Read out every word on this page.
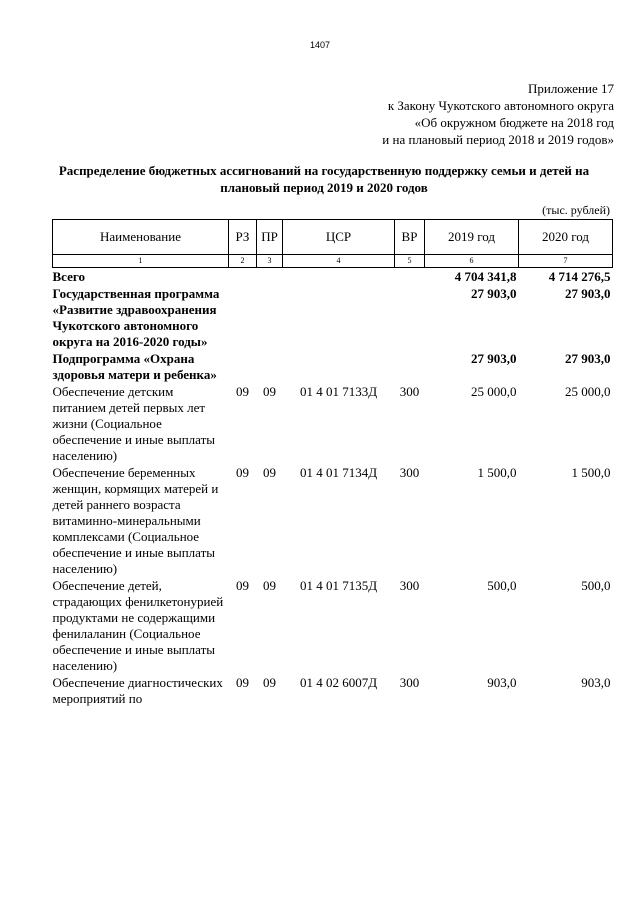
1407
Приложение 17
к Закону Чукотского автономного округа
«Об окружном бюджете на 2018 год
и на плановый период 2018 и 2019 годов»
Распределение бюджетных ассигнований на государственную поддержку семьи и детей на плановый период 2019 и 2020 годов
(тыс. рублей)
Наименование	РЗ	ПР	ЦСР	ВР	2019 год	2020 год
1	2	3	4	5	6	7
Всего					4 704 341,8	4 714 276,5
Государственная программа «Развитие здравоохранения Чукотского автономного округа на 2016-2020 годы»					27 903,0	27 903,0
Подпрограмма «Охрана здоровья матери и ребенка»					27 903,0	27 903,0
Обеспечение детским питанием детей первых лет жизни (Социальное обеспечение и иные выплаты населению)	09	09	01 4 01 7133Д	300	25 000,0	25 000,0
Обеспечение беременных женщин, кормящих матерей и детей раннего возраста витаминно-минеральными комплексами (Социальное обеспечение и иные выплаты населению)	09	09	01 4 01 7134Д	300	1 500,0	1 500,0
Обеспечение детей, страдающих фенилкетонурией продуктами не содержащими фенилаланин (Социальное обеспечение и иные выплаты населению)	09	09	01 4 01 7135Д	300	500,0	500,0
Обеспечение диагностических мероприятий по	09	09	01 4 02 6007Д	300	903,0	903,0
